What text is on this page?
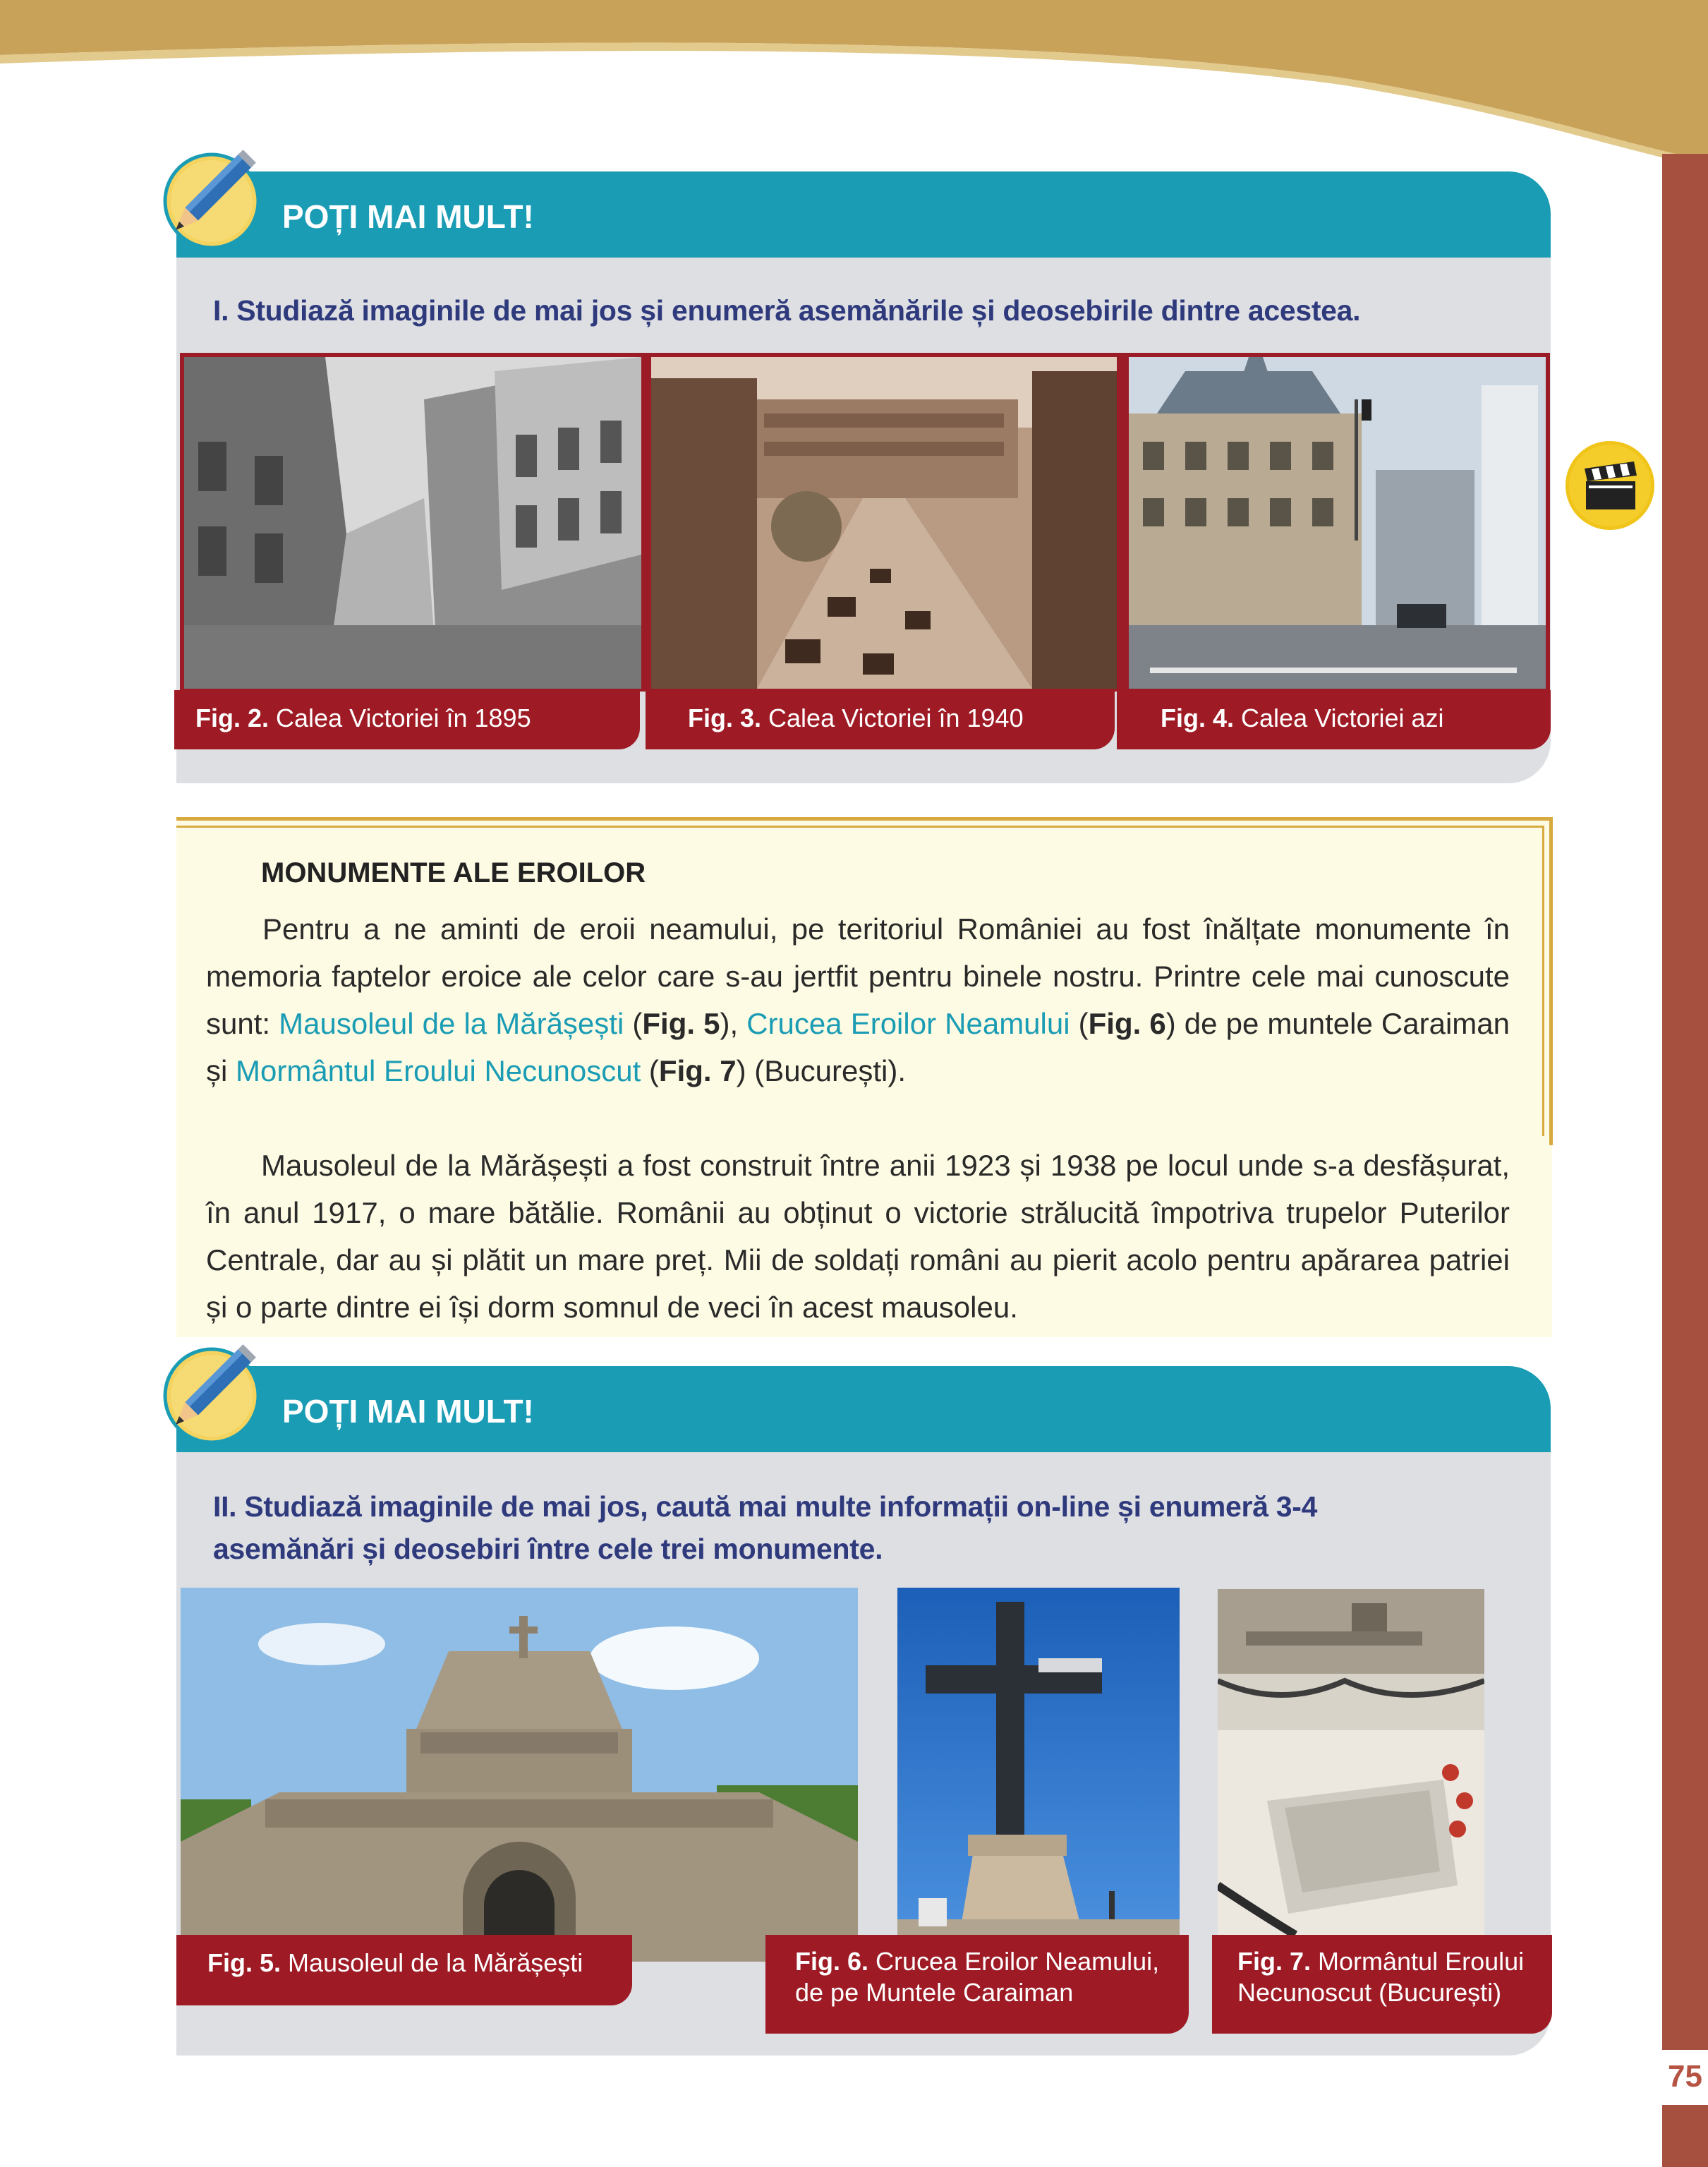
75
POȚI MAI MULT!
I. Studiază imaginile de mai jos și enumeră asemănările și deosebirile dintre acestea.
Fig. 2. Calea Victoriei în 1895	Fig. 3. Calea Victoriei în 1940	Fig. 4. Calea Victoriei azi
MONUMENTE ALE EROILOR
Pentru a ne aminti de eroii neamului, pe teritoriul României au fost înălțate monumente în memoria faptelor eroice ale celor care s-au jertfit pentru binele nostru. Printre cele mai cunoscute sunt: Mausoleul de la Mărășești (Fig. 5), Crucea Eroilor Neamului (Fig. 6) de pe muntele Caraiman și Mormântul Eroului Necunoscut (Fig. 7) (București).
Mausoleul de la Mărășești a fost construit între anii 1923 și 1938 pe locul unde s-a desfășurat, în anul 1917, o mare bătălie. Românii au obținut o victorie strălucită împotriva trupelor Puterilor Centrale, dar au și plătit un mare preț. Mii de soldați români au pierit acolo pentru apărarea patriei și o parte dintre ei își dorm somnul de veci în acest mausoleu.
POȚI MAI MULT!
II. Studiază imaginile de mai jos, caută mai multe informații on-line și enumeră 3-4
asemănări și deosebiri între cele trei monumente.
Fig. 5. Mausoleul de la Mărășești	Fig. 6. Crucea Eroilor Neamului,
de pe Muntele Caraiman
Fig. 7. Mormântul Eroului
Necunoscut (București)
